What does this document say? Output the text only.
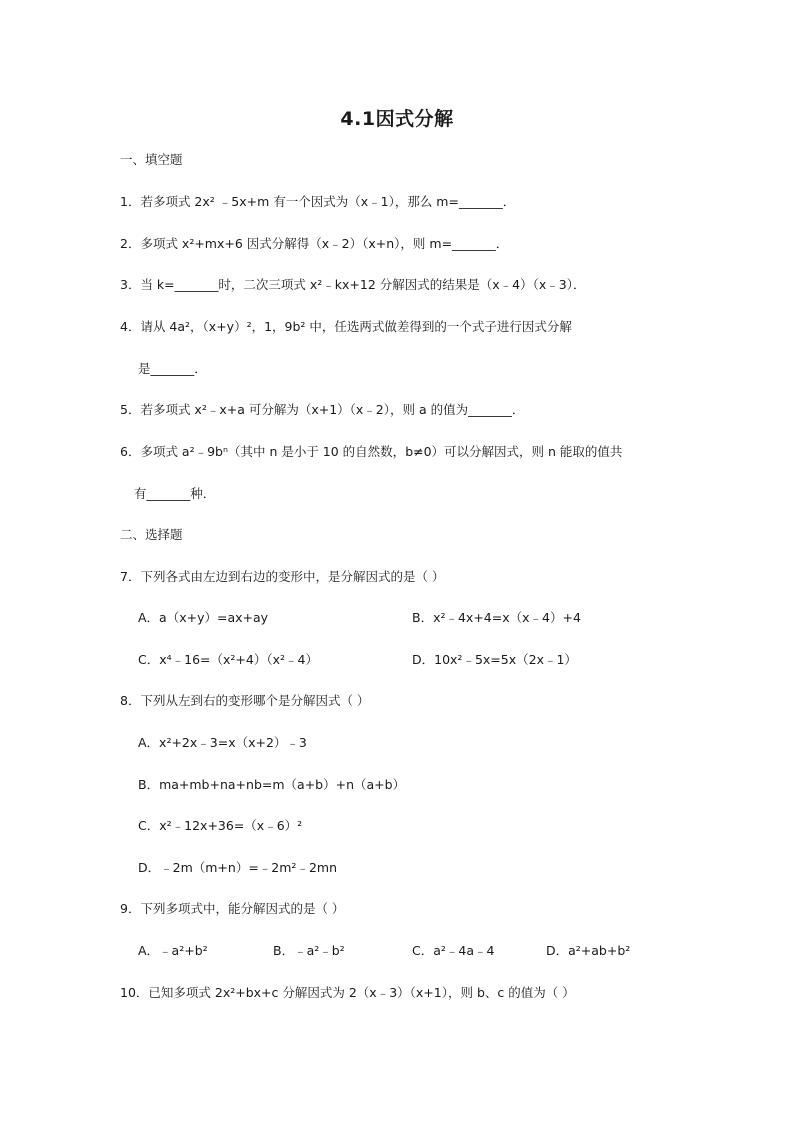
4.1因式分解
一、填空题
1．若多项式 2x² ﹣5x+m 有一个因式为（x﹣1），那么 m=_______．
2．多项式 x²+mx+6 因式分解得（x﹣2）（x+n），则 m=_______．
3．当 k=_______时，二次三项式 x²﹣kx+12 分解因式的结果是（x﹣4）（x﹣3）．
4．请从 4a²，（x+y）²，1，9b² 中，任选两式做差得到的一个式子进行因式分解
是_______．
5．若多项式 x²﹣x+a 可分解为（x+1）（x﹣2），则 a 的值为_______．
6．多项式 a²﹣9bⁿ（其中 n 是小于 10 的自然数，b≠0）可以分解因式，则 n 能取的值共
有_______种．
二、选择题
7．下列各式由左边到右边的变形中，是分解因式的是（ ）
A．a（x+y）=ax+ay	B．x²﹣4x+4=x（x﹣4）+4
C．x⁴﹣16=（x²+4）（x²﹣4）	D．10x²﹣5x=5x（2x﹣1）
8．下列从左到右的变形哪个是分解因式（ ）
A．x²+2x﹣3=x（x+2）﹣3
B．ma+mb+na+nb=m（a+b）+n（a+b）
C．x²﹣12x+36=（x﹣6）²
D．﹣2m（m+n）=﹣2m²﹣2mn
9．下列多项式中，能分解因式的是（ ）
A．﹣a²+b²	B．﹣a²﹣b²	C．a²﹣4a﹣4	D．a²+ab+b²
10．已知多项式 2x²+bx+c 分解因式为 2（x﹣3）（x+1），则 b、c 的值为（ ）
